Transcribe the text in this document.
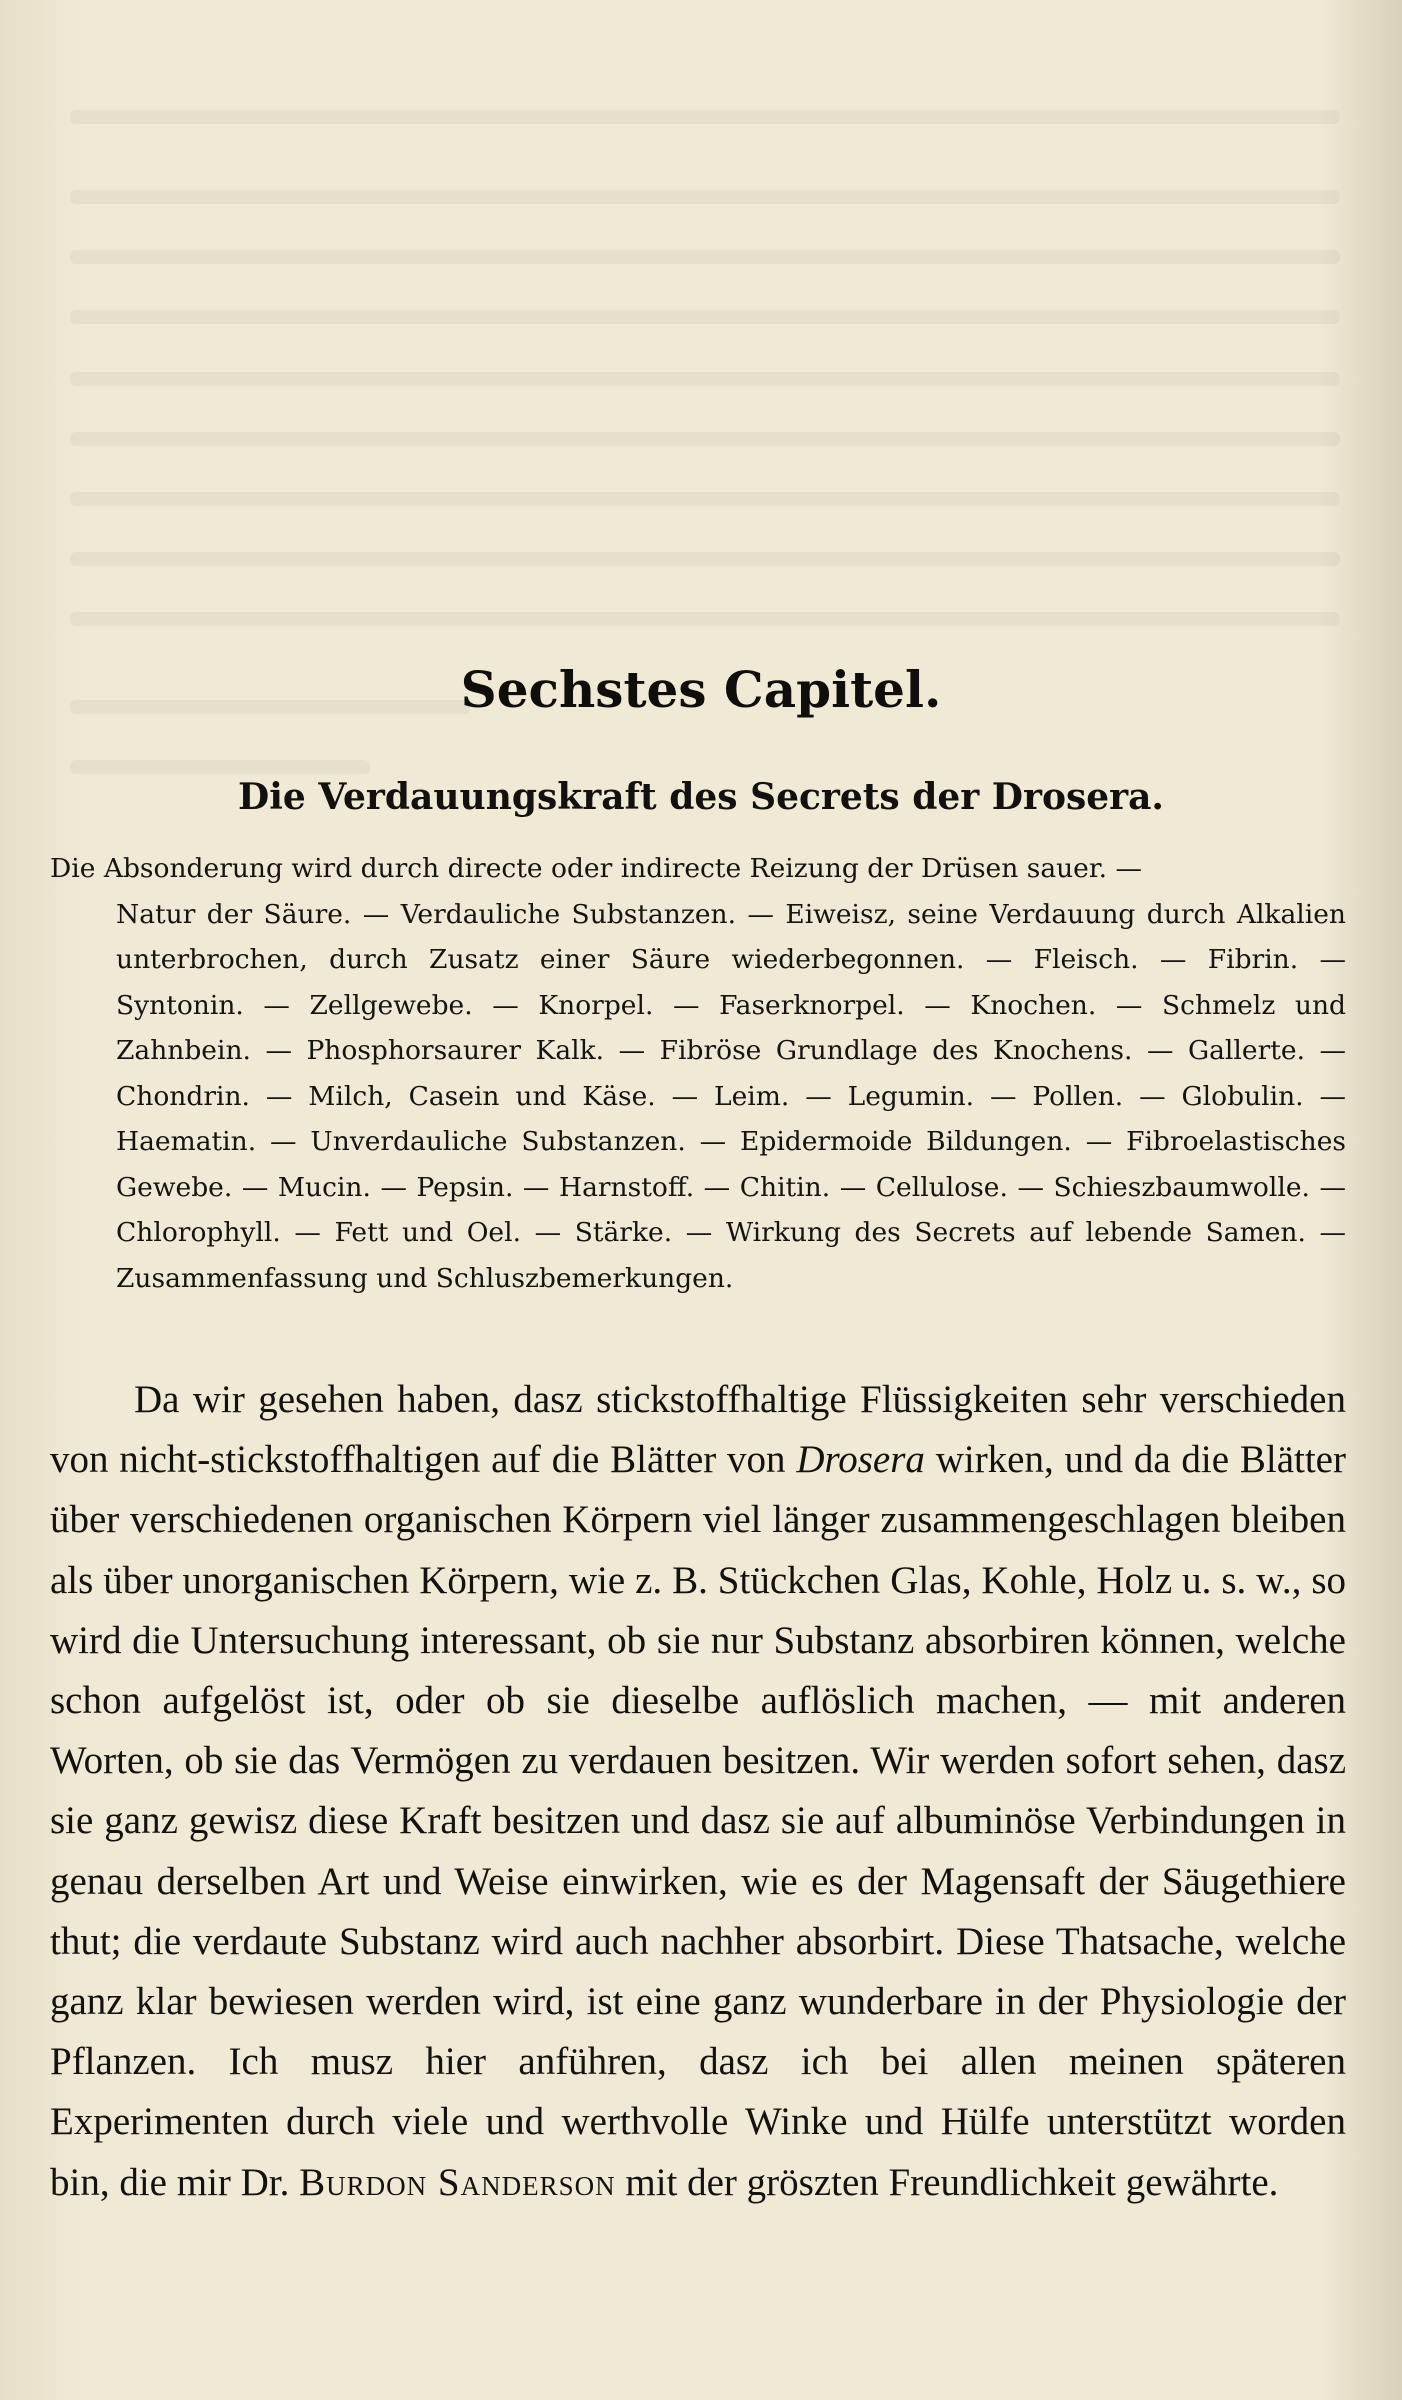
Sechstes Capitel.
Die Verdauungskraft des Secrets der Drosera.
Die Absonderung wird durch directe oder indirecte Reizung der Drüsen sauer. —
Natur der Säure. — Verdauliche Substanzen. — Eiweisz, seine Verdauung durch Alkalien unterbrochen, durch Zusatz einer Säure wiederbegonnen. — Fleisch. — Fibrin. — Syntonin. — Zellgewebe. — Knorpel. — Faserknorpel. — Knochen. — Schmelz und Zahnbein. — Phosphorsaurer Kalk. — Fibröse Grundlage des Knochens. — Gallerte. — Chondrin. — Milch, Casein und Käse. — Leim. — Legumin. — Pollen. — Globulin. — Haematin. — Unverdauliche Substanzen. — Epidermoide Bildungen. — Fibroelastisches Gewebe. — Mucin. — Pepsin. — Harnstoff. — Chitin. — Cellulose. — Schieszbaumwolle. — Chlorophyll. — Fett und Oel. — Stärke. — Wirkung des Secrets auf lebende Samen. — Zusammenfassung und Schluszbemerkungen.

Da wir gesehen haben, dasz stickstoffhaltige Flüssigkeiten sehr verschieden von nicht-stickstoffhaltigen auf die Blätter von Drosera wirken, und da die Blätter über verschiedenen organischen Körpern viel länger zusammengeschlagen bleiben als über unorganischen Körpern, wie z. B. Stückchen Glas, Kohle, Holz u. s. w., so wird die Untersuchung interessant, ob sie nur Substanz absorbiren können, welche schon aufgelöst ist, oder ob sie dieselbe auflöslich machen, — mit anderen Worten, ob sie das Vermögen zu verdauen besitzen. Wir werden sofort sehen, dasz sie ganz gewisz diese Kraft besitzen und dasz sie auf albuminöse Verbindungen in genau derselben Art und Weise einwirken, wie es der Magensaft der Säugethiere thut; die verdaute Substanz wird auch nachher absorbirt. Diese Thatsache, welche ganz klar bewiesen werden wird, ist eine ganz wunderbare in der Physiologie der Pflanzen. Ich musz hier anführen, dasz ich bei allen meinen späteren Experimenten durch viele und werthvolle Winke und Hülfe unterstützt worden bin, die mir Dr. Burdon Sanderson mit der gröszten Freundlichkeit gewährte.
